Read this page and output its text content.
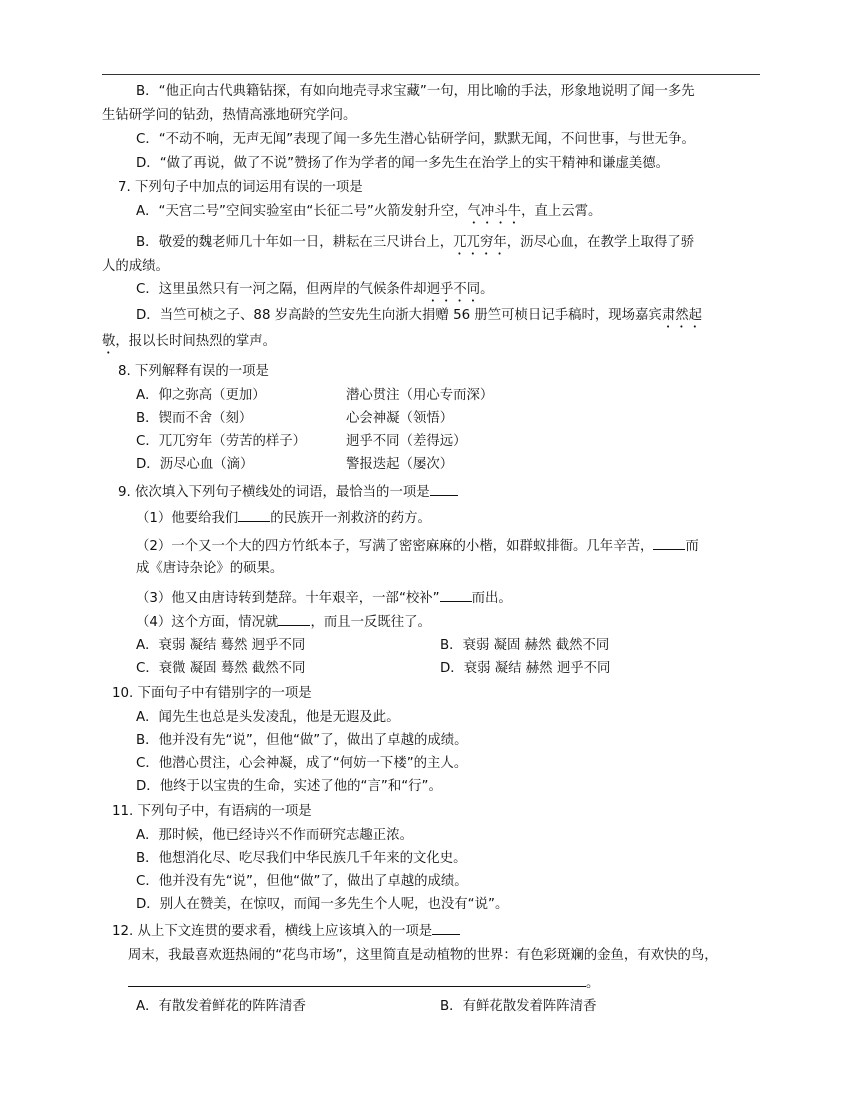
B．“他正向古代典籍钻探，有如向地壳寻求宝藏”一句，用比喻的手法，形象地说明了闻一多先
生钻研学问的钻劲，热情高涨地研究学问。
C．“不动不响，无声无闻”表现了闻一多先生潜心钻研学问，默默无闻，不问世事，与世无争。
D．“做了再说，做了不说”赞扬了作为学者的闻一多先生在治学上的实干精神和谦虚美德。
7. 下列句子中加点的词运用有误的一项是
A．“天宫二号”空间实验室由“长征二号”火箭发射升空，气冲斗牛，直上云霄。
B．敬爱的魏老师几十年如一日，耕耘在三尺讲台上，兀兀穷年，沥尽心血，在教学上取得了骄
人的成绩。
C．这里虽然只有一河之隔，但两岸的气候条件却迥乎不同。
D．当竺可桢之子、88 岁高龄的竺安先生向浙大捐赠 56 册竺可桢日记手稿时，现场嘉宾肃然起
敬，报以长时间热烈的掌声。
8. 下列解释有误的一项是
A．仰之弥高（更加）	潜心贯注（用心专而深）
B．锲而不舍（刻）	心会神凝（领悟）
C．兀兀穷年（劳苦的样子）	迥乎不同（差得远）
D．沥尽心血（滴）	警报迭起（屡次）
9. 依次填入下列句子横线处的词语，最恰当的一项是
（1）他要给我们 的民族开一剂救济的药方。
（2）一个又一个大的四方竹纸本子，写满了密密麻麻的小楷，如群蚁排衙。几年辛苦， 而
成《唐诗杂论》的硕果。
（3）他又由唐诗转到楚辞。十年艰辛，一部“校补” 而出。
（4）这个方面，情况就 ，而且一反既往了。
A．衰弱 凝结 蓦然 迥乎不同	B．衰弱 凝固 赫然 截然不同
C．衰微 凝固 蓦然 截然不同	D．衰弱 凝结 赫然 迥乎不同
10. 下面句子中有错别字的一项是
A．闻先生也总是头发凌乱，他是无遐及此。
B．他并没有先“说”，但他“做”了，做出了卓越的成绩。
C．他潜心贯注，心会神凝，成了“何妨一下楼”的主人。
D．他终于以宝贵的生命，实述了他的“言”和“行”。
11. 下列句子中，有语病的一项是
A．那时候，他已经诗兴不作而研究志趣正浓。
B．他想消化尽、吃尽我们中华民族几千年来的文化史。
C．他并没有先“说”，但他“做”了，做出了卓越的成绩。
D．别人在赞美，在惊叹，而闻一多先生个人呢，也没有“说”。
12. 从上下文连贯的要求看，横线上应该填入的一项是
周末，我最喜欢逛热闹的“花鸟市场”，这里简直是动植物的世界：有色彩斑斓的金鱼，有欢快的鸟，
。
A．有散发着鲜花的阵阵清香	B．有鲜花散发着阵阵清香
